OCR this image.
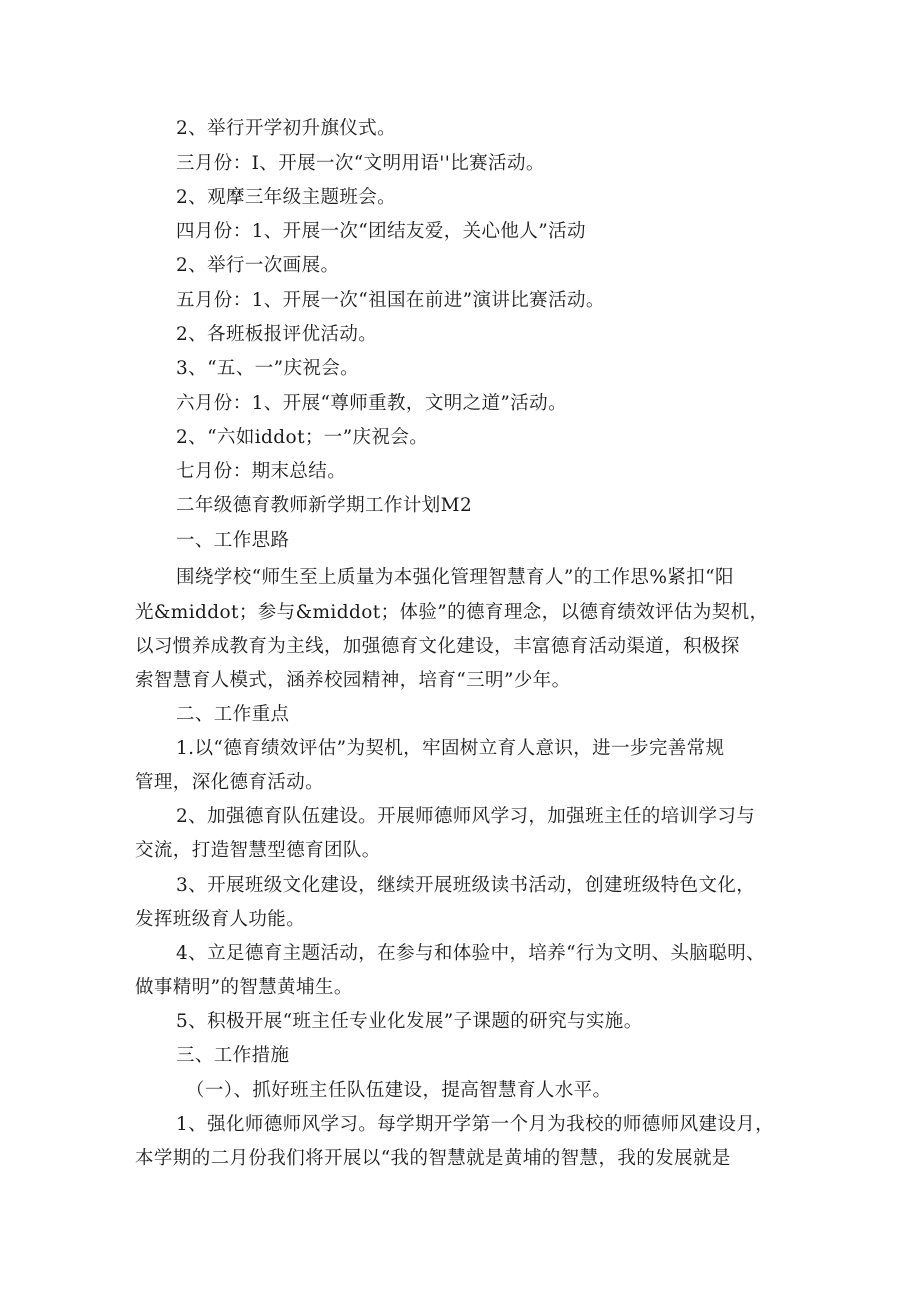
2、举行开学初升旗仪式。

三月份：I、开展一次“文明用语''比赛活动。

2、观摩三年级主题班会。

四月份：1、开展一次“团结友爱，关心他人”活动

2、举行一次画展。

五月份：1、开展一次“祖国在前进”演讲比赛活动。

2、各班板报评优活动。

3、“五、一”庆祝会。

六月份：1、开展“尊师重教，文明之道”活动。

2、“六如iddot；一”庆祝会。

七月份：期末总结。

二年级德育教师新学期工作计划M2

一、工作思路

围绕学校“师生至上质量为本强化管理智慧育人”的工作思%紧扣“阳

光&middot；参与&middot；体验”的德育理念，以德育绩效评估为契机，

以习惯养成教育为主线，加强德育文化建设，丰富德育活动渠道，积极探

索智慧育人模式，涵养校园精神，培育“三明”少年。

二、工作重点

1.以“德育绩效评估”为契机，牢固树立育人意识，进一步完善常规

管理，深化德育活动。

2、加强德育队伍建设。开展师德师风学习，加强班主任的培训学习与

交流，打造智慧型德育团队。

3、开展班级文化建设，继续开展班级读书活动，创建班级特色文化，

发挥班级育人功能。

4、立足德育主题活动，在参与和体验中，培养“行为文明、头脑聪明、

做事精明”的智慧黄埔生。

5、积极开展“班主任专业化发展”子课题的研究与实施。

三、工作措施

（一）、抓好班主任队伍建设，提高智慧育人水平。

1、强化师德师风学习。每学期开学第一个月为我校的师德师风建设月，

本学期的二月份我们将开展以“我的智慧就是黄埔的智慧，我的发展就是
